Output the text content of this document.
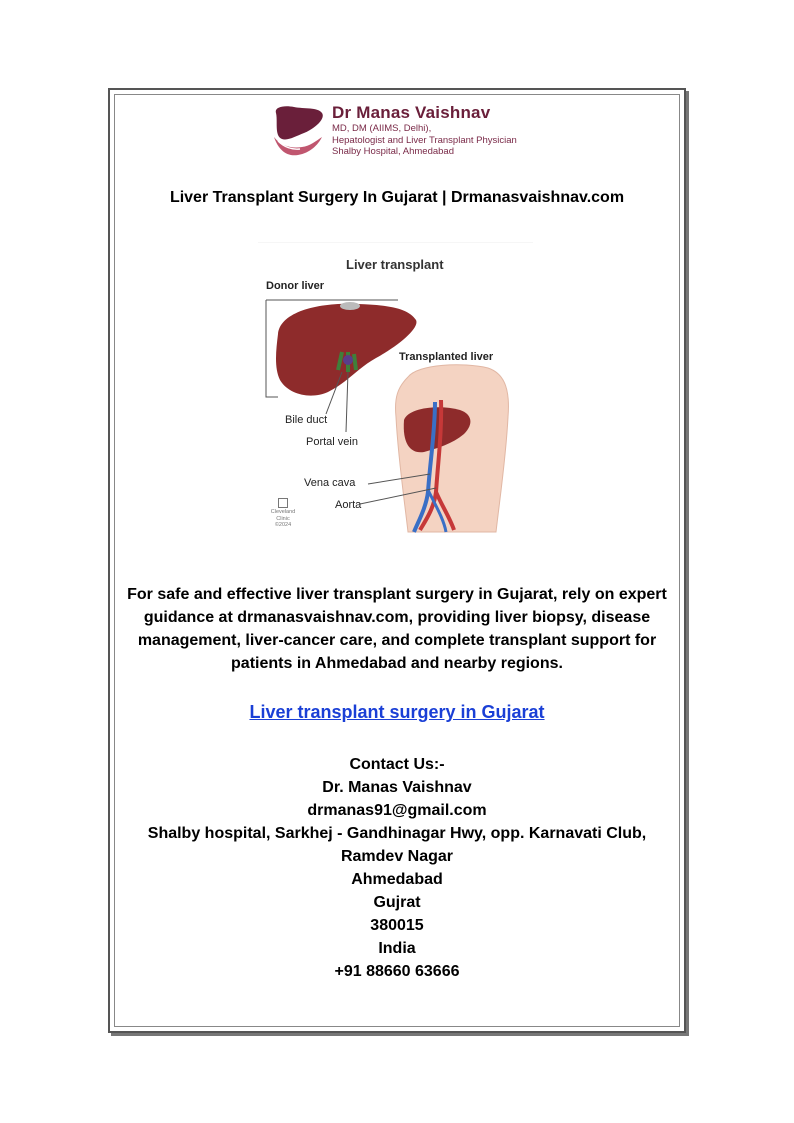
Dr Manas Vaishnav
MD, DM (AIIMS, Delhi),
Hepatologist and Liver Transplant Physician
Shalby Hospital, Ahmedabad
Liver Transplant Surgery In Gujarat | Drmanasvaishnav.com
Liver transplant
Donor liver
Transplanted liver
Bile duct
Portal vein
Vena cava
Aorta
Cleveland
Clinic
©2024
For safe and effective liver transplant surgery in Gujarat, rely on expert guidance at drmanasvaishnav.com, providing liver biopsy, disease management, liver-cancer care, and complete transplant support for patients in Ahmedabad and nearby regions.
Liver transplant surgery in Gujarat
Contact Us:-
Dr. Manas Vaishnav
drmanas91@gmail.com
Shalby hospital, Sarkhej - Gandhinagar Hwy, opp. Karnavati Club,
Ramdev Nagar
Ahmedabad
Gujrat
380015
India
+91 88660 63666
